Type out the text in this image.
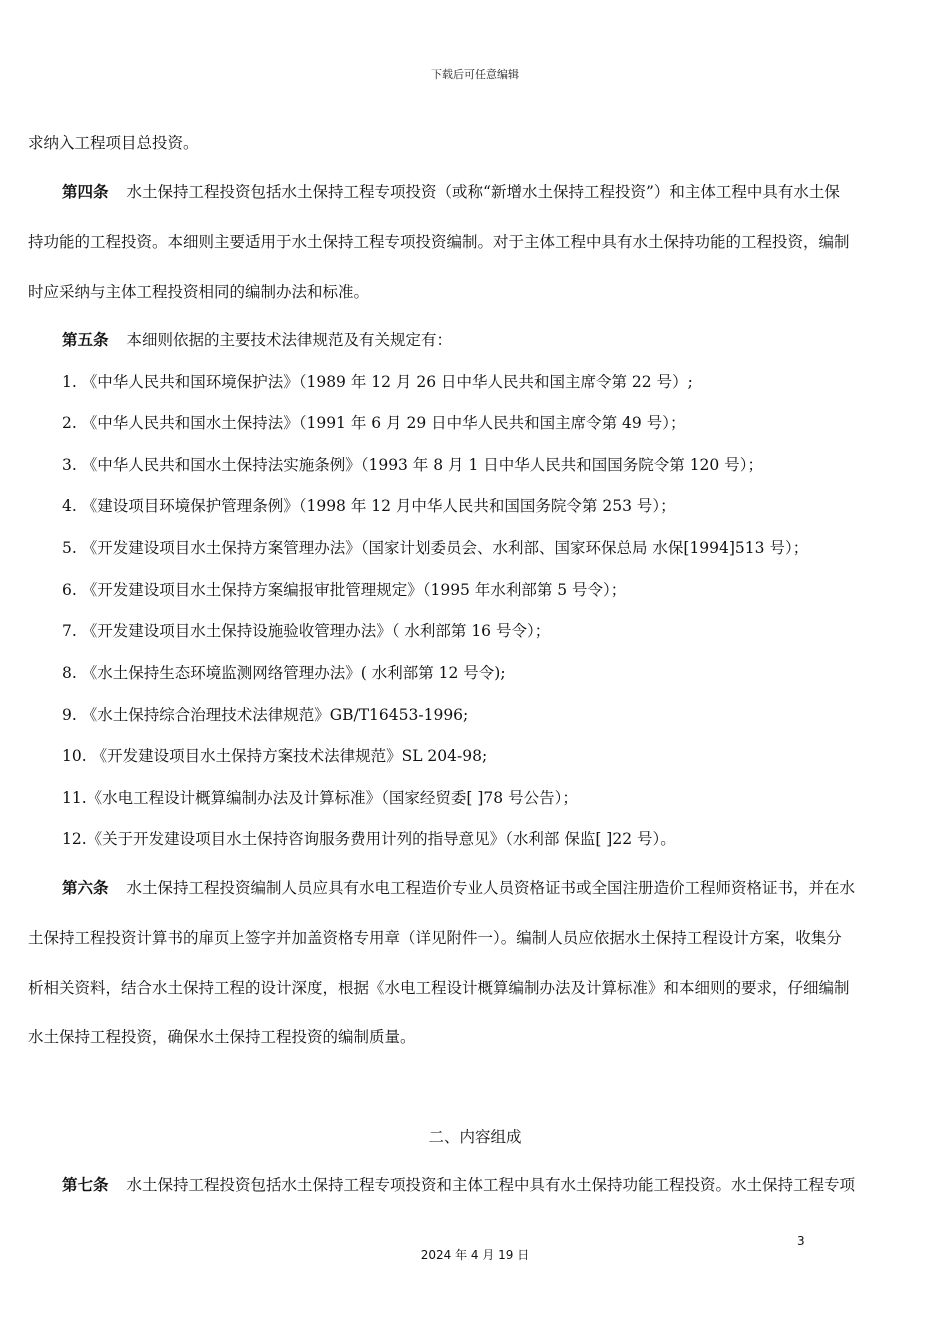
下载后可任意编辑
求纳入工程项目总投资。
第四条 水土保持工程投资包括水土保持工程专项投资（或称“新增水土保持工程投资”）和主体工程中具有水土保
持功能的工程投资。本细则主要适用于水土保持工程专项投资编制。对于主体工程中具有水土保持功能的工程投资，编制
时应采纳与主体工程投资相同的编制办法和标准。
第五条 本细则依据的主要技术法律规范及有关规定有：
1. 《中华人民共和国环境保护法》（1989 年 12 月 26 日中华人民共和国主席令第 22 号）;
2. 《中华人民共和国水土保持法》（1991 年 6 月 29 日中华人民共和国主席令第 49 号）；
3. 《中华人民共和国水土保持法实施条例》（1993 年 8 月 1 日中华人民共和国国务院令第 120 号）；
4. 《建设项目环境保护管理条例》（1998 年 12 月中华人民共和国国务院令第 253 号）；
5. 《开发建设项目水土保持方案管理办法》（国家计划委员会、水利部、国家环保总局 水保[1994]513 号）；
6. 《开发建设项目水土保持方案编报审批管理规定》（1995 年水利部第 5 号令）；
7. 《开发建设项目水土保持设施验收管理办法》（ 水利部第 16 号令）；
8. 《水土保持生态环境监测网络管理办法》( 水利部第 12 号令);
9. 《水土保持综合治理技术法律规范》GB/T16453-1996;
10. 《开发建设项目水土保持方案技术法律规范》SL 204-98;
11.《水电工程设计概算编制办法及计算标准》（国家经贸委[ ]78 号公告）；
12.《关于开发建设项目水土保持咨询服务费用计列的指导意见》（水利部 保监[ ]22 号）。
第六条 水土保持工程投资编制人员应具有水电工程造价专业人员资格证书或全国注册造价工程师资格证书，并在水
土保持工程投资计算书的扉页上签字并加盖资格专用章（详见附件一）。编制人员应依据水土保持工程设计方案，收集分
析相关资料，结合水土保持工程的设计深度，根据《水电工程设计概算编制办法及计算标准》和本细则的要求，仔细编制
水土保持工程投资，确保水土保持工程投资的编制质量。
二、内容组成
第七条 水土保持工程投资包括水土保持工程专项投资和主体工程中具有水土保持功能工程投资。水土保持工程专项
3
2024 年 4 月 19 日
